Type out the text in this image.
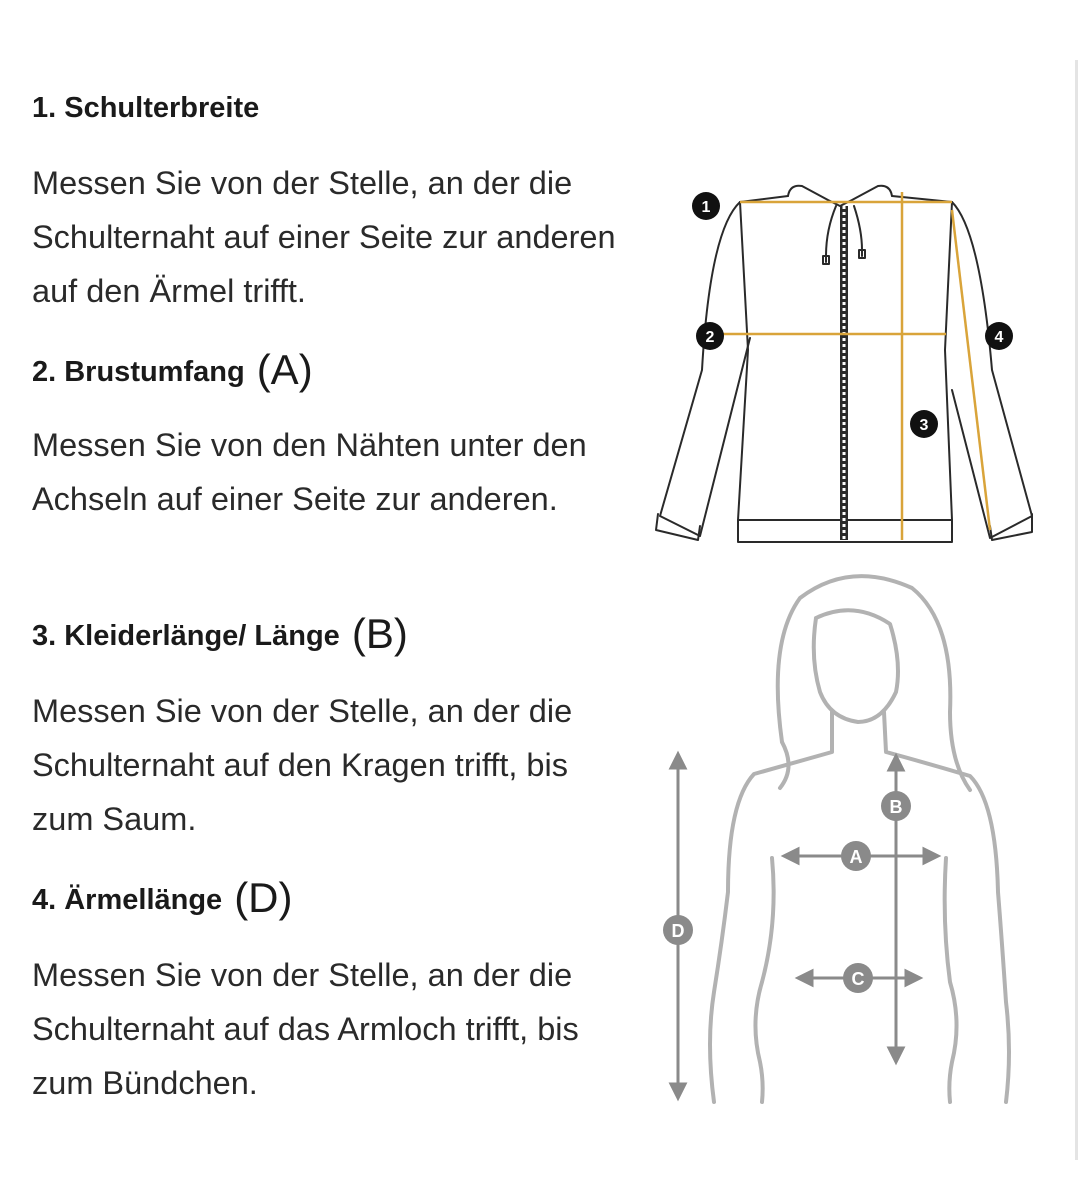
1. Schulterbreite
Messen Sie von der Stelle, an der die Schulternaht auf einer Seite zur anderen auf den Ärmel trifft.
2. Brustumfang (A)
Messen Sie von den Nähten unter den Achseln auf einer Seite zur anderen.
3. Kleiderlänge/ Länge (B)
Messen Sie von der Stelle, an der die Schulternaht auf den Kragen trifft, bis zum Saum.
4. Ärmellänge (D)
Messen Sie von der Stelle, an der die Schulternaht auf das Armloch trifft, bis zum Bündchen.
1
2
3
4
B
A
C
D
